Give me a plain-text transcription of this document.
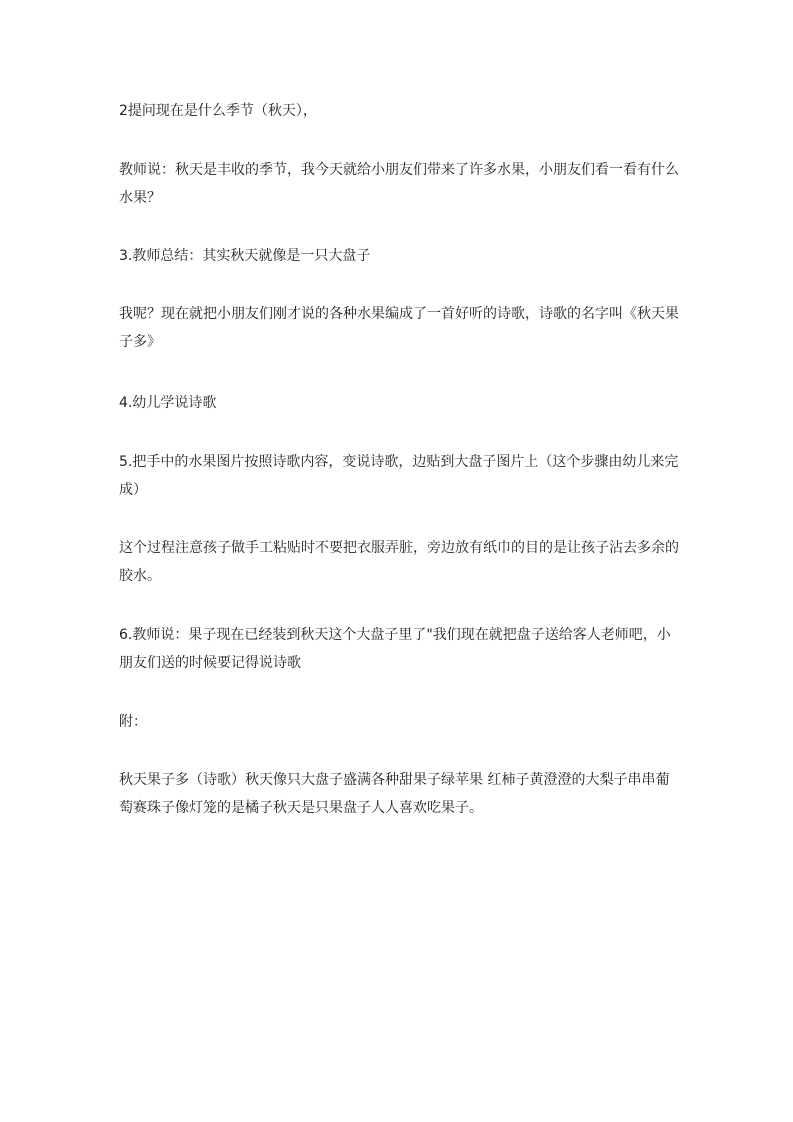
2提问现在是什么季节（秋天），

教师说：秋天是丰收的季节，我今天就给小朋友们带来了许多水果，小朋友们看一看有什么水果？

3.教师总结：其实秋天就像是一只大盘子

我呢？现在就把小朋友们刚才说的各种水果编成了一首好听的诗歌，诗歌的名字叫《秋天果子多》

4.幼儿学说诗歌

5.把手中的水果图片按照诗歌内容，变说诗歌，边贴到大盘子图片上（这个步骤由幼儿来完成）

这个过程注意孩子做手工粘贴时不要把衣服弄脏，旁边放有纸巾的目的是让孩子沾去多余的胶水。

6.教师说：果子现在已经装到秋天这个大盘子里了"我们现在就把盘子送给客人老师吧，小朋友们送的时候要记得说诗歌

附：

秋天果子多（诗歌）秋天像只大盘子盛满各种甜果子绿苹果 红柿子黄澄澄的大梨子串串葡萄赛珠子像灯笼的是橘子秋天是只果盘子人人喜欢吃果子。
